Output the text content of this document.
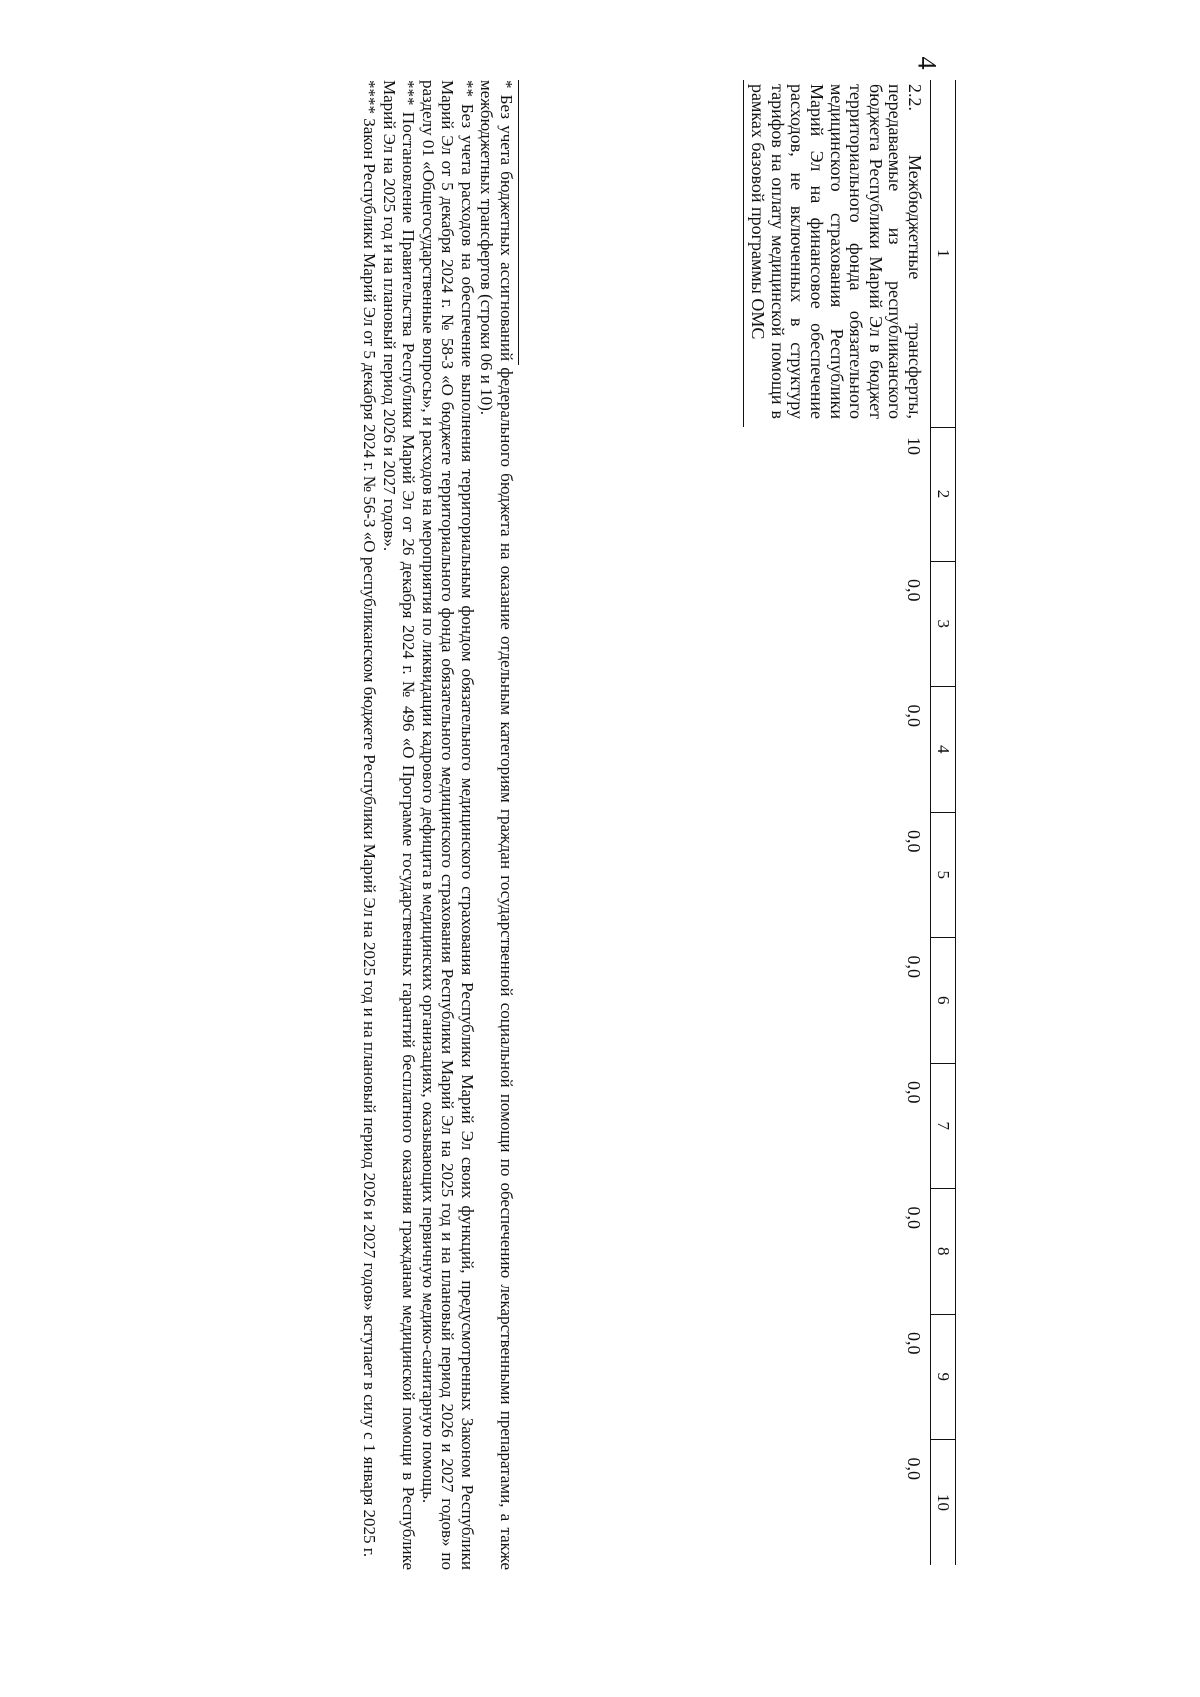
4
1	2	3	4	5	6	7	8	9	10
2.2. Межбюджетные трансферты, передаваемые из республиканского бюджета Республики Марий Эл в бюджет территориального фонда обязательного медицинского страхования Республики Марий Эл на финансовое обеспечение расходов, не включенных в структуру тарифов на оплату медицинской помощи в рамках базовой программы ОМС	10	0,0	0,0	0,0	0,0	0,0	0,0	0,0	0,0

* Без учета бюджетных ассигнований федерального бюджета на оказание отдельным категориям граждан государственной социальной помощи по обеспечению лекарственными препаратами, а также межбюджетных трансфертов (строки 06 и 10).

** Без учета расходов на обеспечение выполнения территориальным фондом обязательного медицинского страхования Республики Марий Эл своих функций, предусмотренных Законом Республики Марий Эл от 5 декабря 2024 г. № 58-З «О бюджете территориального фонда обязательного медицинского страхования Республики Марий Эл на 2025 год и на плановый период 2026 и 2027 годов» по разделу 01 «Общегосударственные вопросы», и расходов на мероприятия по ликвидации кадрового дефицита в медицинских организациях, оказывающих первичную медико-санитарную помощь.

*** Постановление Правительства Республики Марий Эл от 26 декабря 2024 г. № 496 «О Программе государственных гарантий бесплатного оказания гражданам медицинской помощи в Республике Марий Эл на 2025 год и на плановый период 2026 и 2027 годов».

**** Закон Республики Марий Эл от 5 декабря 2024 г. № 56-З «О республиканском бюджете Республики Марий Эл на 2025 год и на плановый период 2026 и 2027 годов» вступает в силу с 1 января 2025 г.
